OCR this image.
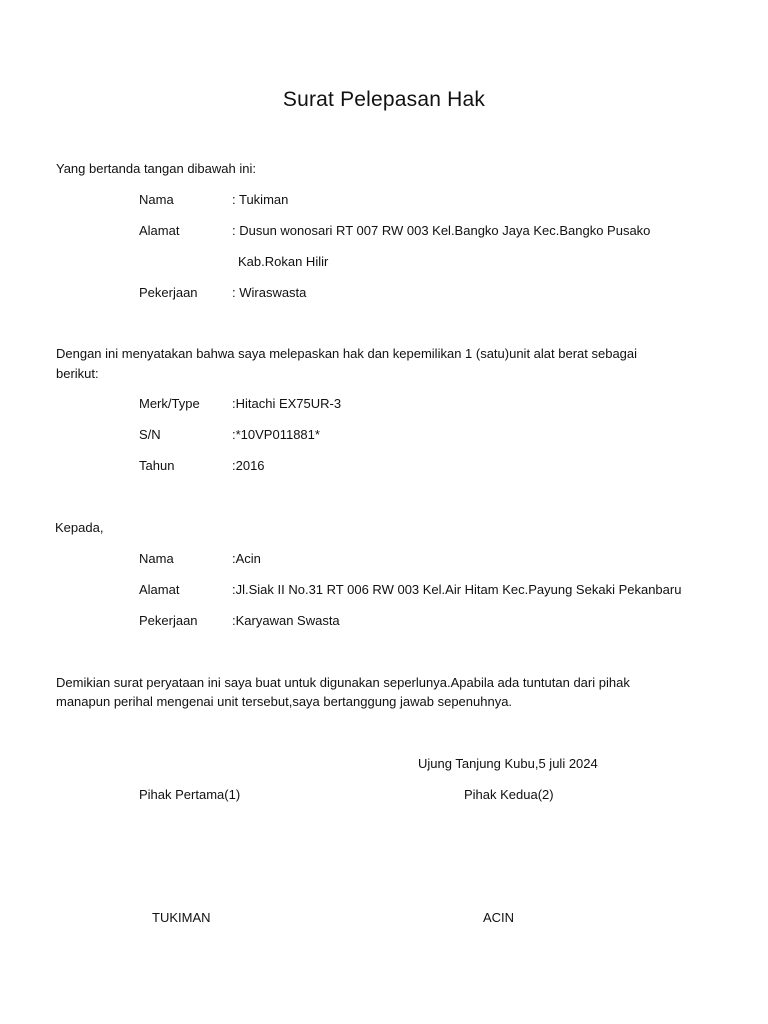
Surat Pelepasan Hak
Yang bertanda tangan dibawah ini:
Nama	: Tukiman
Alamat	: Dusun wonosari RT 007 RW 003 Kel.Bangko Jaya Kec.Bangko Pusako
Kab.Rokan Hilir
Pekerjaan	: Wiraswasta
Dengan ini menyatakan bahwa saya melepaskan hak dan kepemilikan 1 (satu)unit alat berat sebagai
berikut:
Merk/Type :Hitachi EX75UR-3
S/N	:*10VP011881*
Tahun	:2016
Kepada,
Nama	:Acin
Alamat	:Jl.Siak II No.31 RT 006 RW 003 Kel.Air Hitam Kec.Payung Sekaki Pekanbaru
Pekerjaan	:Karyawan Swasta
Demikian surat peryataan ini saya buat untuk digunakan seperlunya.Apabila ada tuntutan dari pihak
manapun perihal mengenai unit tersebut,saya bertanggung jawab sepenuhnya.
Ujung Tanjung Kubu,5 juli 2024
Pihak Pertama(1)	Pihak Kedua(2)
TUKIMAN	ACIN
